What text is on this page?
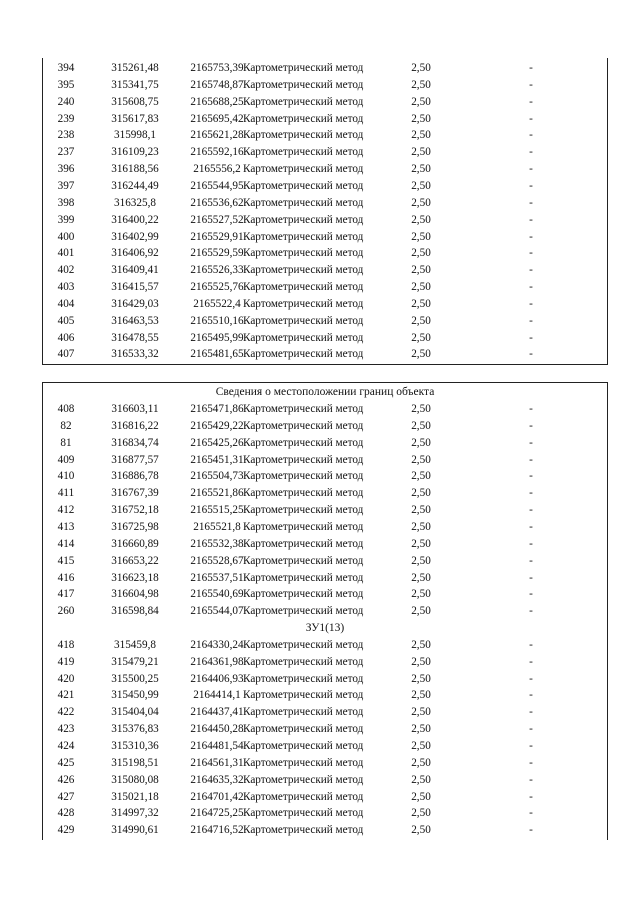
394	315261,48	2165753,39 Картометрический метод	2,50	-
395	315341,75	2165748,87 Картометрический метод	2,50	-
240	315608,75	2165688,25 Картометрический метод	2,50	-
239	315617,83	2165695,42 Картометрический метод	2,50	-
238	315998,1	2165621,28 Картометрический метод	2,50	-
237	316109,23	2165592,16 Картометрический метод	2,50	-
396	316188,56	2165556,2 Картометрический метод	2,50	-
397	316244,49	2165544,95 Картометрический метод	2,50	-
398	316325,8	2165536,62 Картометрический метод	2,50	-
399	316400,22	2165527,52 Картометрический метод	2,50	-
400	316402,99	2165529,91 Картометрический метод	2,50	-
401	316406,92	2165529,59 Картометрический метод	2,50	-
402	316409,41	2165526,33 Картометрический метод	2,50	-
403	316415,57	2165525,76 Картометрический метод	2,50	-
404	316429,03	2165522,4 Картометрический метод	2,50	-
405	316463,53	2165510,16 Картометрический метод	2,50	-
406	316478,55	2165495,99 Картометрический метод	2,50	-
407	316533,32	2165481,65 Картометрический метод	2,50	-
Сведения о местоположении границ объекта
408	316603,11	2165471,86 Картометрический метод	2,50	-
82	316816,22	2165429,22 Картометрический метод	2,50	-
81	316834,74	2165425,26 Картометрический метод	2,50	-
409	316877,57	2165451,31 Картометрический метод	2,50	-
410	316886,78	2165504,73 Картометрический метод	2,50	-
411	316767,39	2165521,86 Картометрический метод	2,50	-
412	316752,18	2165515,25 Картометрический метод	2,50	-
413	316725,98	2165521,8 Картометрический метод	2,50	-
414	316660,89	2165532,38 Картометрический метод	2,50	-
415	316653,22	2165528,67 Картометрический метод	2,50	-
416	316623,18	2165537,51 Картометрический метод	2,50	-
417	316604,98	2165540,69 Картометрический метод	2,50	-
260	316598,84	2165544,07 Картометрический метод	2,50	-
ЗУ1(13)
418	315459,8	2164330,24 Картометрический метод	2,50	-
419	315479,21	2164361,98 Картометрический метод	2,50	-
420	315500,25	2164406,93 Картометрический метод	2,50	-
421	315450,99	2164414,1 Картометрический метод	2,50	-
422	315404,04	2164437,41 Картометрический метод	2,50	-
423	315376,83	2164450,28 Картометрический метод	2,50	-
424	315310,36	2164481,54 Картометрический метод	2,50	-
425	315198,51	2164561,31 Картометрический метод	2,50	-
426	315080,08	2164635,32 Картометрический метод	2,50	-
427	315021,18	2164701,42 Картометрический метод	2,50	-
428	314997,32	2164725,25 Картометрический метод	2,50	-
429	314990,61	2164716,52 Картометрический метод	2,50	-
